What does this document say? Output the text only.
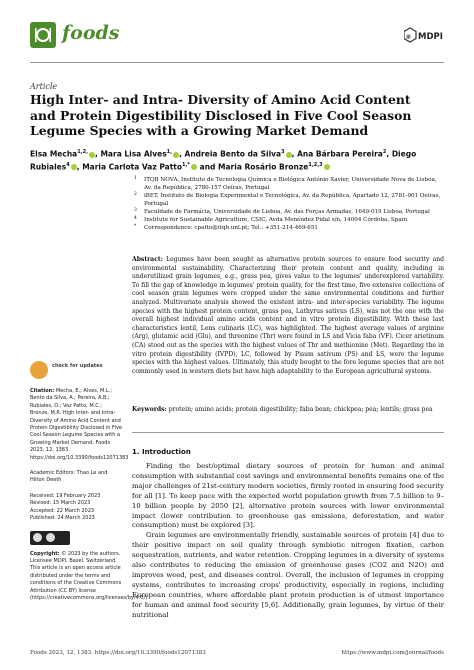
foods	▦ MDPI
Article
High Inter- and Intra- Diversity of Amino Acid Content and Protein Digestibility Disclosed in Five Cool Season Legume Species with a Growing Market Demand
Elsa Mecha$^{1,2,}$ , Mara Lisa Alves$^{1,}$ , Andreia Bento da Silva$^3$ , Ana Bárbara Pereira$^2$, Diego Rubiales$^4$ , Maria Carlota Vaz Patto$^{1,*}$ and Maria Rosário Bronze$^{1,2,3}$
1 ITQB NOVA, Instituto de Tecnologia Química e Biológica António Xavier, Universidade Nova de Lisboa, Av. da República, 2780-157 Oeiras, Portugal
2 iBET, Instituto de Biologia Experimental e Tecnológica, Av. da República, Apartado 12, 2781-901 Oeiras, Portugal
3 Faculdade de Farmácia, Universidade de Lisboa, Av. das Forças Armadas, 1649-019 Lisboa, Portugal
4 Institute for Sustainable Agriculture, CSIC, Avda Menéndez Pidal s/n, 14004 Córdoba, Spain
* Correspondence: cpatto@itqb.unl.pt; Tel.: +351-214-469-651
check for updates

Citation: Mecha, E.; Alves, M.L.; Bento da Silva, A.; Pereira, A.B.; Rubiales, D.; Vaz Patto, M.C.; Bronze, M.R. High Inter- and Intra- Diversity of Amino Acid Content and Protein Digestibility Disclosed in Five Cool Season Legume Species with a Growing Market Demand. Foods 2023, 12, 1383. https://doi.org/10.3390/foods12071383

Academic Editors: Thao Le and Hilton Deeth

Received: 19 February 2023

Revised: 15 March 2023

Accepted: 22 March 2023

Published: 24 March 2023

Copyright: © 2023 by the authors. Licensee MDPI, Basel, Switzerland. This article is an open access article distributed under the terms and conditions of the Creative Commons Attribution (CC BY) license (https://creativecommons.org/licenses/by/4.0/).

Abstract: Legumes have been sought as alternative protein sources to ensure food security and environmental sustainability. Characterizing their protein content and quality, including in underutilized grain legumes, e.g., grass pea, gives value to the legumes' underexplored variability. To fill the gap of knowledge in legumes' protein quality, for the first time, five extensive collections of cool season grain legumes were cropped under the same environmental conditions and further analyzed. Multivariate analysis showed the existent intra- and inter-species variability. The legume species with the highest protein content, grass pea, Lathyrus sativus (LS), was not the one with the overall highest individual amino acids content and in vitro protein digestibility. With these last characteristics lentil, Lens culinaris (LC), was highlighted. The highest average values of arginine (Arg), glutamic acid (Glu), and threonine (Thr) were found in LS and Vicia faba (VF). Cicer arietinum (CA) stood out as the species with the highest values of Thr and methionine (Met). Regarding the in vitro protein digestibility (IVPD), LC, followed by Pisum sativum (PS) and LS, were the legume species with the highest values. Ultimately, this study bought to the fore legume species that are not commonly used in western diets but have high adaptability to the European agricultural systems.

Keywords: protein; amino acids; protein digestibility; faba bean; chickpea; pea; lentils; grass pea

1. Introduction

Finding the best/optimal dietary sources of protein for human and animal consumption with substantial cost savings and environmental benefits remains one of the major challenges of 21st-century modern societies, firmly rooted in ensuring food security for all [1]. To keep pace with the expected world population growth from 7.5 billion to 9–10 billion people by 2050 [2], alternative protein sources with lower environmental impact (lower contribution to greenhouse gas emissions, deforestation, and water consumption) must be explored [3].

Grain legumes are environmentally friendly, sustainable sources of protein [4] due to their positive impact on soil quality through symbiotic nitrogen fixation, carbon sequestration, nutrients, and water retention. Cropping legumes in a diversity of systems also contributes to reducing the emission of greenhouse gases (CO2 and N2O) and improves weed, pest, and diseases control. Overall, the inclusion of legumes in cropping systems, contributes to increasing crops' productivity, especially in regions, including European countries, where affordable plant protein production is of utmost importance for human and animal food security [5,6]. Additionally, grain legumes, by virtue of their nutritional

Foods 2023, 12, 1383. https://doi.org/10.3390/foods12071383	https://www.mdpi.com/journal/foods
